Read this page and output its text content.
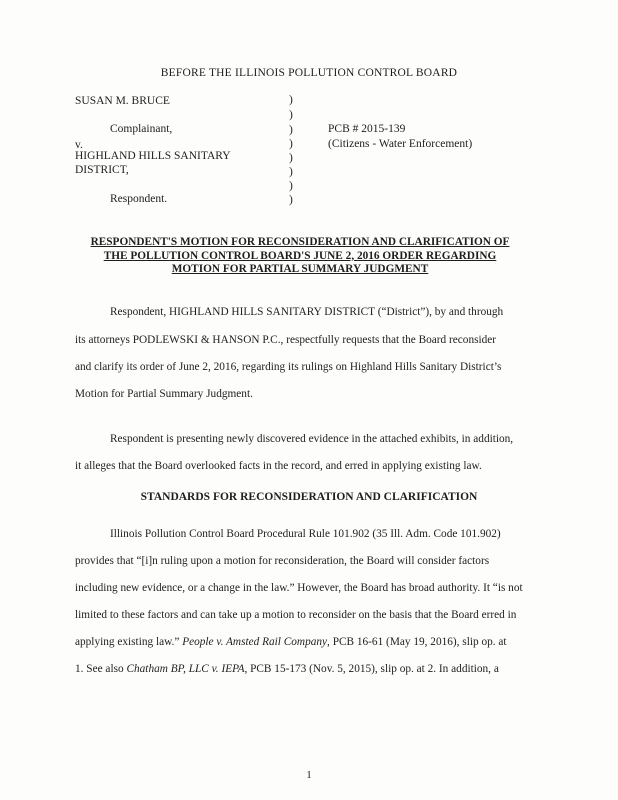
BEFORE THE ILLINOIS POLLUTION CONTROL BOARD
SUSAN M. BRUCE
Complainant,
v.
HIGHLAND HILLS SANITARY
DISTRICT,
Respondent.
)
)
)
)
)
)
)
)
PCB # 2015-139
(Citizens - Water Enforcement)
RESPONDENT'S MOTION FOR RECONSIDERATION AND CLARIFICATION OF
THE POLLUTION CONTROL BOARD'S JUNE 2, 2016 ORDER REGARDING
MOTION FOR PARTIAL SUMMARY JUDGMENT
Respondent, HIGHLAND HILLS SANITARY DISTRICT (“District”), by and through
its attorneys PODLEWSKI & HANSON P.C., respectfully requests that the Board reconsider
and clarify its order of June 2, 2016, regarding its rulings on Highland Hills Sanitary District’s
Motion for Partial Summary Judgment.
Respondent is presenting newly discovered evidence in the attached exhibits, in addition,
it alleges that the Board overlooked facts in the record, and erred in applying existing law.
STANDARDS FOR RECONSIDERATION AND CLARIFICATION
Illinois Pollution Control Board Procedural Rule 101.902 (35 Ill. Adm. Code 101.902)
provides that “[i]n ruling upon a motion for reconsideration, the Board will consider factors
including new evidence, or a change in the law.” However, the Board has broad authority. It “is not
limited to these factors and can take up a motion to reconsider on the basis that the Board erred in
applying existing law.” People v. Amsted Rail Company, PCB 16-61 (May 19, 2016), slip op. at
1. See also Chatham BP, LLC v. IEPA, PCB 15-173 (Nov. 5, 2015), slip op. at 2. In addition, a
1
